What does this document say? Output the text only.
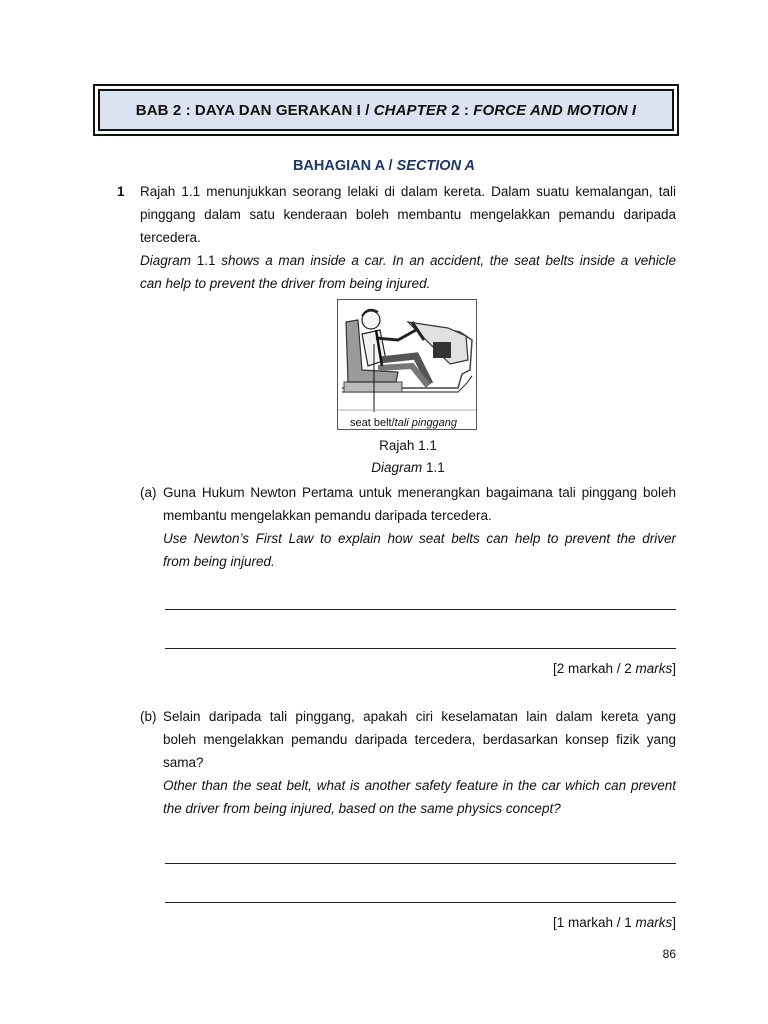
BAB 2 : DAYA DAN GERAKAN I / CHAPTER 2 : FORCE AND MOTION I
BAHAGIAN A / SECTION A
1 Rajah 1.1 menunjukkan seorang lelaki di dalam kereta. Dalam suatu kemalangan, tali
pinggang dalam satu kenderaan boleh membantu mengelakkan pemandu daripada
tercedera.
Diagram 1.1 shows a man inside a car. In an accident, the seat belts inside a vehicle
can help to prevent the driver from being injured.
seat belt/tali pinggang
Rajah 1.1
Diagram 1.1
(a) Guna Hukum Newton Pertama untuk menerangkan bagaimana tali pinggang boleh
membantu mengelakkan pemandu daripada tercedera.
Use Newton’s First Law to explain how seat belts can help to prevent the driver
from being injured.
[2 markah / 2 marks]
(b) Selain daripada tali pinggang, apakah ciri keselamatan lain dalam kereta yang
boleh mengelakkan pemandu daripada tercedera, berdasarkan konsep fizik yang
sama?
Other than the seat belt, what is another safety feature in the car which can prevent
the driver from being injured, based on the same physics concept?
[1 markah / 1 marks]
86
